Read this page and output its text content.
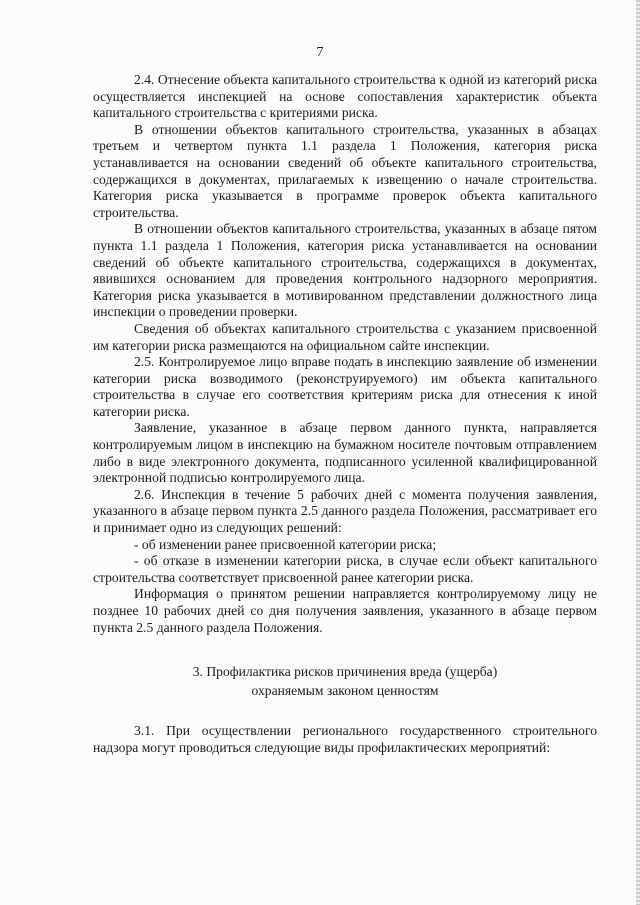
7

2.4. Отнесение объекта капитального строительства к одной из категорий риска осуществляется инспекцией на основе сопоставления характеристик объекта капитального строительства с критериями риска.

В отношении объектов капитального строительства, указанных в абзацах третьем и четвертом пункта 1.1 раздела 1 Положения, категория риска устанавливается на основании сведений об объекте капитального строительства, содержащихся в документах, прилагаемых к извещению о начале строительства. Категория риска указывается в программе проверок объекта капитального строительства.

В отношении объектов капитального строительства, указанных в абзаце пятом пункта 1.1 раздела 1 Положения, категория риска устанавливается на основании сведений об объекте капитального строительства, содержащихся в документах, явившихся основанием для проведения контрольного надзорного мероприятия. Категория риска указывается в мотивированном представлении должностного лица инспекции о проведении проверки.

Сведения об объектах капитального строительства с указанием присвоенной им категории риска размещаются на официальном сайте инспекции.

2.5. Контролируемое лицо вправе подать в инспекцию заявление об изменении категории риска возводимого (реконструируемого) им объекта капитального строительства в случае его соответствия критериям риска для отнесения к иной категории риска.

Заявление, указанное в абзаце первом данного пункта, направляется контролируемым лицом в инспекцию на бумажном носителе почтовым отправлением либо в виде электронного документа, подписанного усиленной квалифицированной электронной подписью контролируемого лица.

2.6. Инспекция в течение 5 рабочих дней с момента получения заявления, указанного в абзаце первом пункта 2.5 данного раздела Положения, рассматривает его и принимает одно из следующих решений:

- об изменении ранее присвоенной категории риска;

- об отказе в изменении категории риска, в случае если объект капитального строительства соответствует присвоенной ранее категории риска.

Информация о принятом решении направляется контролируемому лицу не позднее 10 рабочих дней со дня получения заявления, указанного в абзаце первом пункта 2.5 данного раздела Положения.

3. Профилактика рисков причинения вреда (ущерба)
охраняемым законом ценностям

3.1. При осуществлении регионального государственного строительного надзора могут проводиться следующие виды профилактических мероприятий:
